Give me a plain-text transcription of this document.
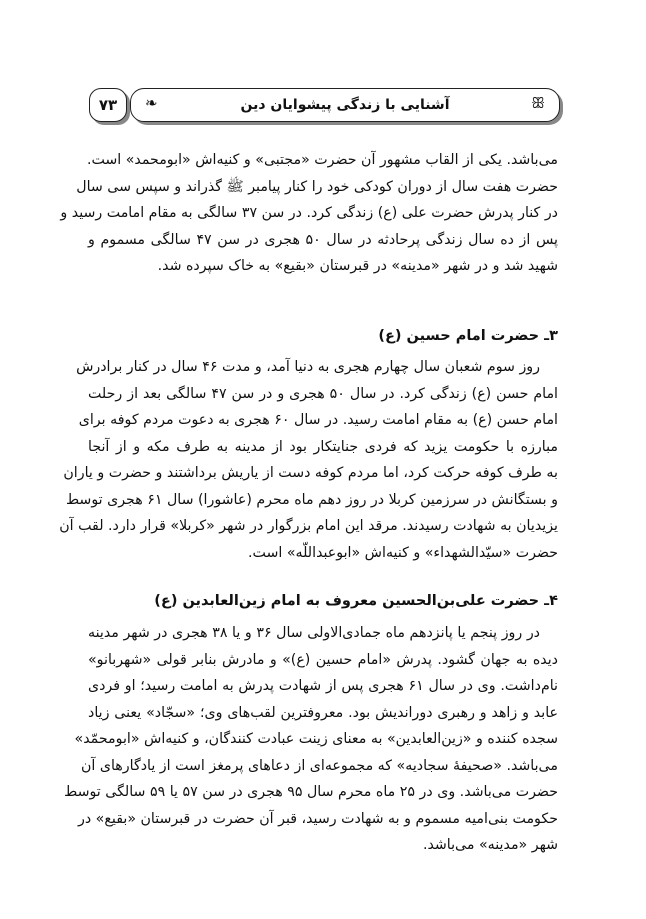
۷۳	ꕥ
آشنایی با زندگی پیشوایان دین
❧
می‌باشد. یکی از القاب مشهور آن حضرت «مجتبی» و کنیه‌اش «ابومحمد» است.
حضرت هفت سال از دوران کودکی خود را کنار پیامبر ﷺ گذراند و سپس سی سال
در کنار پدرش حضرت علی (ع) زندگی کرد. در سن ۳۷ سالگی به مقام امامت رسید و
پس از ده سال زندگی پرحادثه در سال ۵۰ هجری در سن ۴۷ سالگی مسموم و
شهید شد و در شهر «مدینه» در قبرستان «بقیع» به خاک سپرده شد.
۳ـ حضرت امام حسین (ع)
روز سوم شعبان سال چهارم هجری به دنیا آمد، و مدت ۴۶ سال در کنار برادرش
امام حسن (ع) زندگی کرد. در سال ۵۰ هجری و در سن ۴۷ سالگی بعد از رحلت
امام حسن (ع) به مقام امامت رسید. در سال ۶۰ هجری به دعوت مردم کوفه برای
مبارزه با حکومت یزید که فردی جنایتکار بود از مدینه به طرف مکه و از آنجا
به طرف کوفه حرکت کرد، اما مردم کوفه دست از یاریش برداشتند و حضرت و یاران
و بستگانش در سرزمین کربلا در روز دهم ماه محرم (عاشورا) سال ۶۱ هجری توسط
یزیدیان به شهادت رسیدند. مرقد این امام بزرگوار در شهر «کربلا» قرار دارد. لقب آن
حضرت «سیّدالشهداء» و کنیه‌اش «ابوعبداللّه» است.
۴ـ حضرت علی‌بن‌الحسین معروف به امام زین‌العابدین (ع)
در روز پنجم یا پانزدهم ماه جمادی‌الاولی سال ۳۶ و یا ۳۸ هجری در شهر مدینه
دیده به جهان گشود. پدرش «امام حسین (ع)» و مادرش بنابر قولی «شهربانو»
نام‌داشت. وی در سال ۶۱ هجری پس از شهادت پدرش به امامت رسید؛ او فردی
عابد و زاهد و رهبری دوراندیش بود. معروفترین لقب‌های وی؛ «سجّاد» یعنی زیاد
سجده کننده و «زین‌العابدین» به معنای زینت عبادت کنندگان، و کنیه‌اش «ابومحمّد»
می‌باشد. «صحیفهٔ سجادیه» که مجموعه‌ای از دعاهای پرمغز است از یادگارهای آن
حضرت می‌باشد. وی در ۲۵ ماه محرم سال ۹۵ هجری در سن ۵۷ یا ۵۹ سالگی توسط
حکومت بنی‌امیه مسموم و به شهادت رسید، قبر آن حضرت در قبرستان «بقیع» در
شهر «مدینه» می‌باشد.
